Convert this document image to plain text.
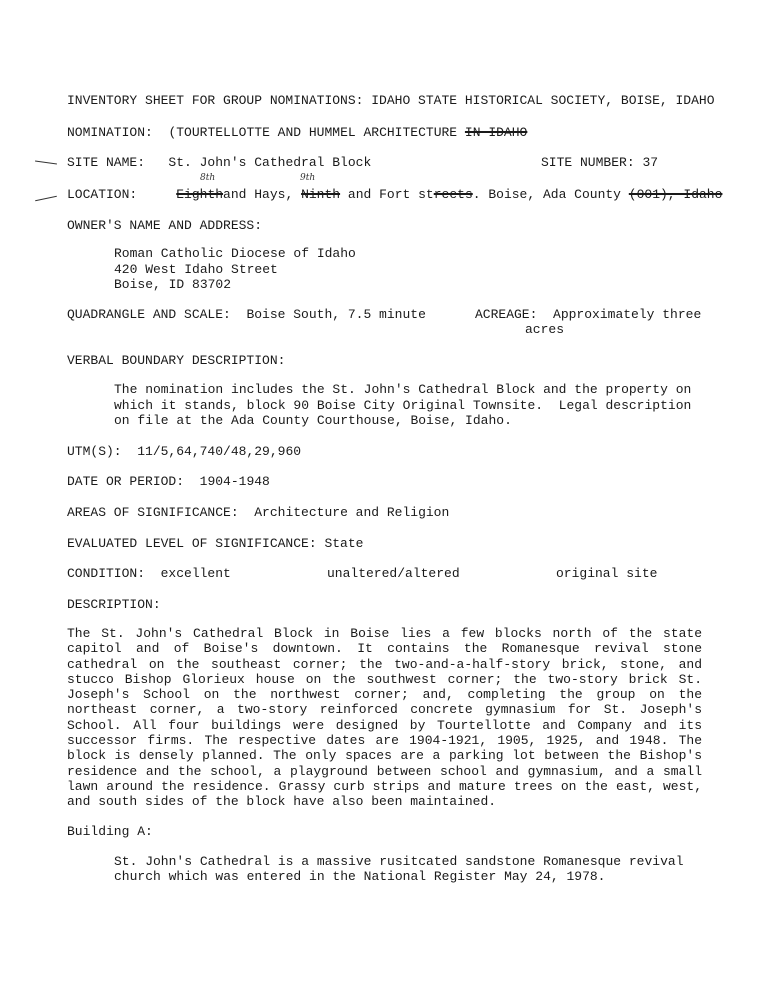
INVENTORY SHEET FOR GROUP NOMINATIONS: IDAHO STATE HISTORICAL SOCIETY, BOISE, IDAHO
NOMINATION: (TOURTELLOTTE AND HUMMEL ARCHITECTURE IN IDAHO
SITE NAME: St. John's Cathedral Block	SITE NUMBER: 37
8th	9th
LOCATION:	Eighthand Hays, Ninth and Fort streets. Boise, Ada County (001), Idaho
OWNER'S NAME AND ADDRESS:
Roman Catholic Diocese of Idaho
420 West Idaho Street
Boise, ID 83702
QUADRANGLE AND SCALE: Boise South, 7.5 minute	ACREAGE: Approximately three
acres
VERBAL BOUNDARY DESCRIPTION:
The nomination includes the St. John's Cathedral Block and the property on
which it stands, block 90 Boise City Original Townsite.  Legal description
on file at the Ada County Courthouse, Boise, Idaho.
UTM(S): 11/5,64,740/48,29,960
DATE OR PERIOD: 1904-1948
AREAS OF SIGNIFICANCE: Architecture and Religion
EVALUATED LEVEL OF SIGNIFICANCE: State
CONDITION: excellent	unaltered/altered	original site
DESCRIPTION:
The St. John's Cathedral Block in Boise lies a few blocks north of the state capitol and of Boise's downtown. It contains the Romanesque revival stone cathedral on the southeast corner; the two-and-a-half-story brick, stone, and stucco Bishop Glorieux house on the southwest corner; the two-story brick St. Joseph's School on the northwest corner; and, completing the group on the northeast corner, a two-story reinforced concrete gymnasium for St. Joseph's School. All four buildings were designed by Tourtellotte and Company and its successor firms. The respective dates are 1904-1921, 1905, 1925, and 1948. The block is densely planned. The only spaces are a parking lot between the Bishop's residence and the school, a playground between school and gymnasium, and a small lawn around the residence. Grassy curb strips and mature trees on the east, west, and south sides of the block have also been maintained.
Building A:
St. John's Cathedral is a massive rusitcated sandstone Romanesque revival
church which was entered in the National Register May 24, 1978.
